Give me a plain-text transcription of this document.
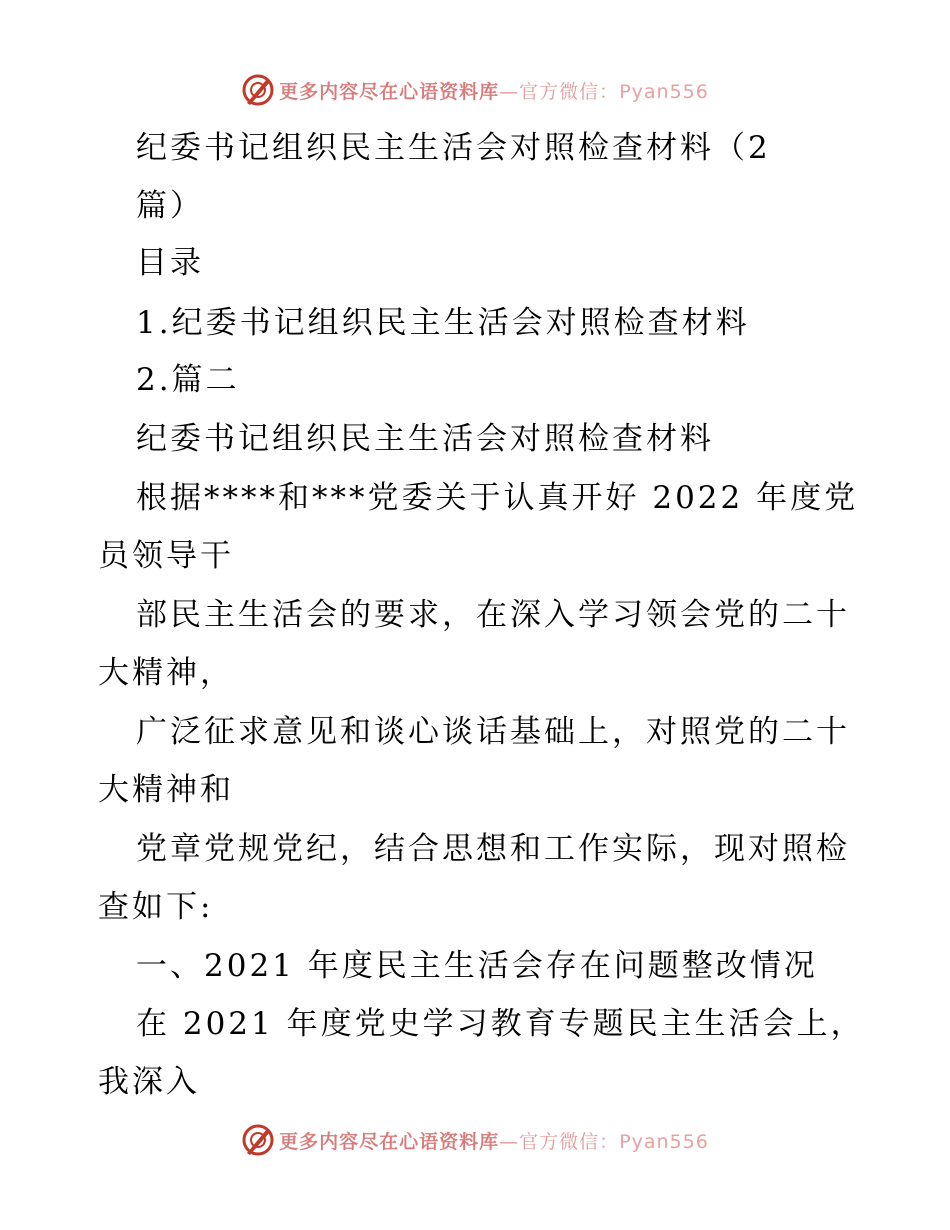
更多内容尽在心语资料库—官方微信：Pyan556
纪委书记组织民主生活会对照检查材料（2
篇）
目录
1.纪委书记组织民主生活会对照检查材料
2.篇二
纪委书记组织民主生活会对照检查材料
根据****和***党委关于认真开好 2022 年度党
员领导干
部民主生活会的要求，在深入学习领会党的二十
大精神，
广泛征求意见和谈心谈话基础上，对照党的二十
大精神和
党章党规党纪，结合思想和工作实际，现对照检
查如下:
一、2021 年度民主生活会存在问题整改情况
在 2021 年度党史学习教育专题民主生活会上，
我深入
更多内容尽在心语资料库—官方微信：Pyan556
